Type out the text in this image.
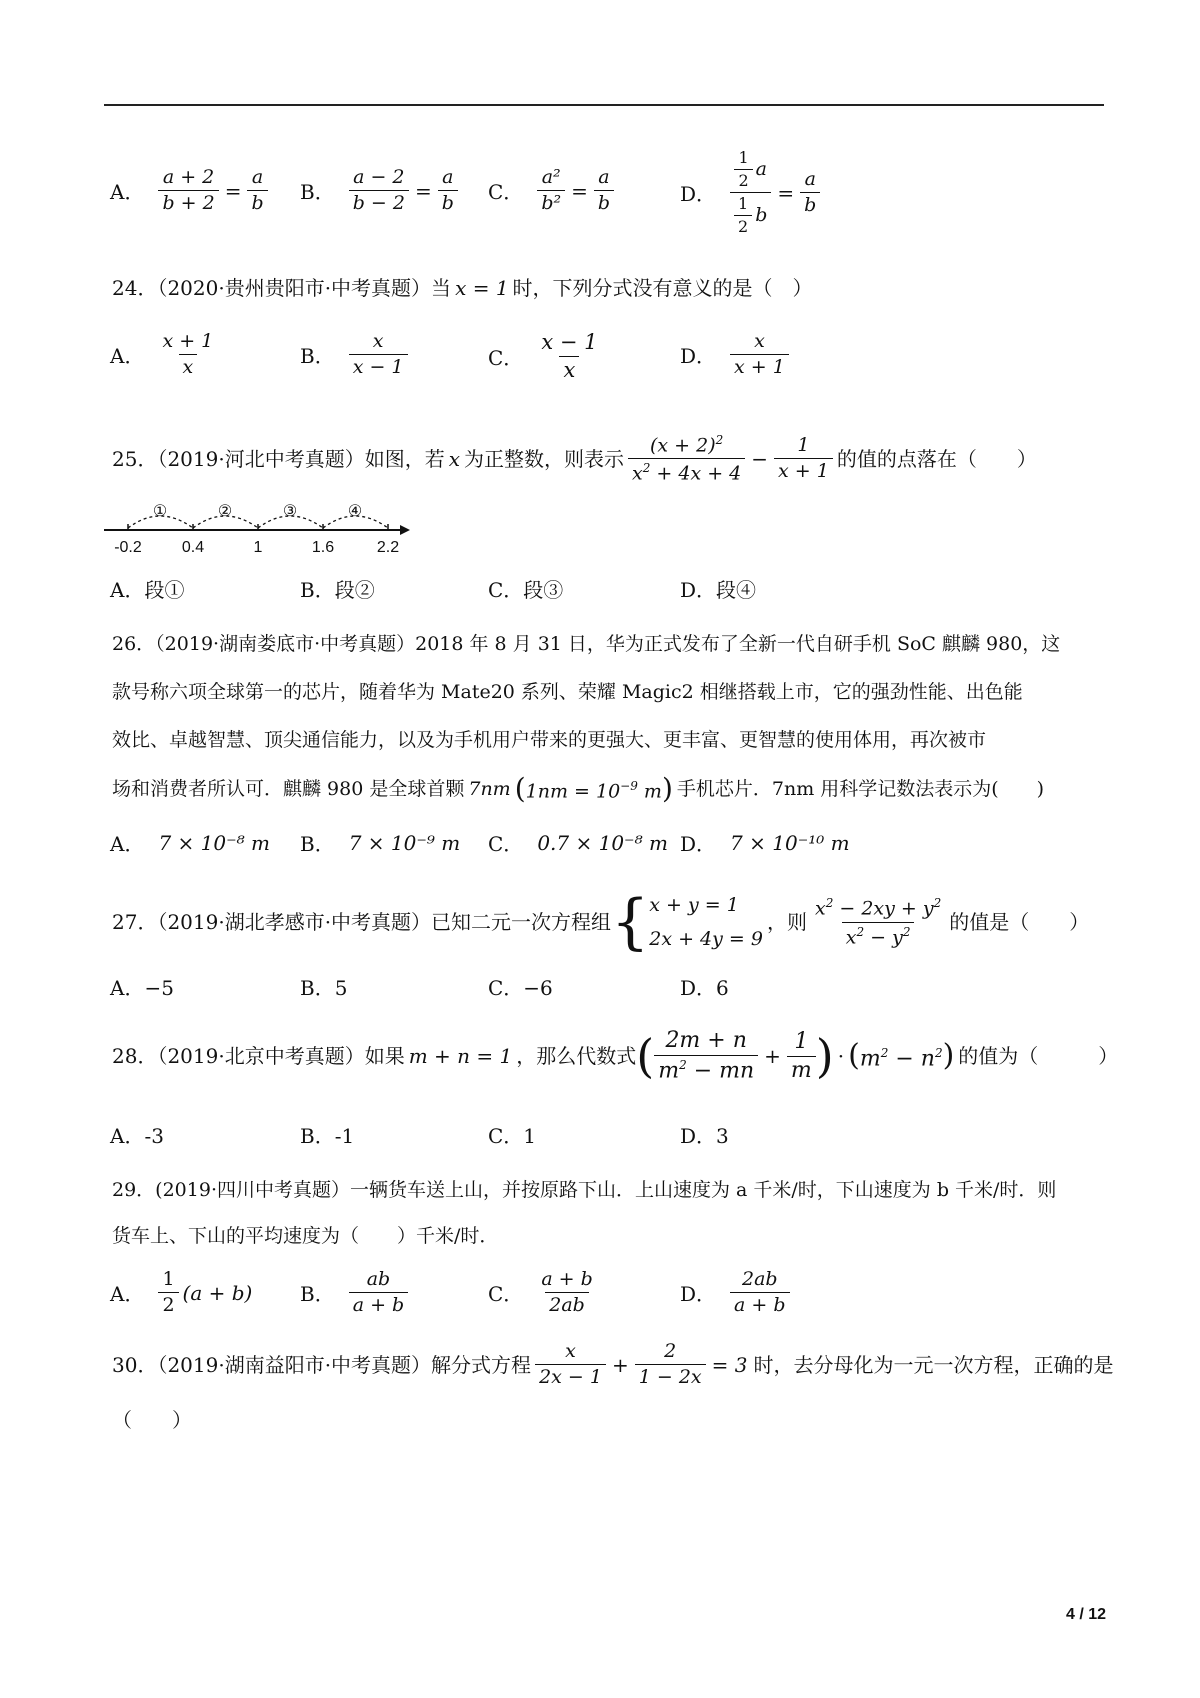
A． $\frac{a + 2}{b + 2} = \frac{a}{b}$ B． $\frac{a - 2}{b - 2} = \frac{a}{b}$ C． $\frac{\text{a²}}{\text{b²}} = \frac{a}{b}$	D． $\frac{\frac{1}{2} a}{\frac{1}{2} b} = \frac{a}{b}$
24．（2020·贵州贵阳市·中考真题）当 x = 1 时，下列分式没有意义的是（　）
A． $\frac{x + 1}{x}$	B． $\frac{x}{x - 1}$	C． $\frac{x - 1}{x}$	D． $\frac{x}{x + 1}$
25．（2019·河北中考真题）如图，若 x 为正整数，则表示 $\frac{(x + 2)^2}{x^2 + 4x + 4} - \frac{1}{x + 1}$ 的值的点落在（　　）
①	②	③	④
-0.2	0.4	1	1.6	2.2
A．段①	B．段②	C．段③	D．段④
26．（2019·湖南娄底市·中考真题）2018 年 8 月 31 日，华为正式发布了全新一代自研手机 SoC 麒麟 980，这
款号称六项全球第一的芯片，随着华为 Mate20 系列、荣耀 Magic2 相继搭载上市，它的强劲性能、出色能
效比、卓越智慧、顶尖通信能力，以及为手机用户带来的更强大、更丰富、更智慧的使用体用，再次被市
场和消费者所认可．麒麟 980 是全球首颗 7nm ( $1nm = 10^{-9}$ m ) 手机芯片．7nm 用科学记数法表示为(　　)
A． 7 × 10⁻⁸ m B． 7 × 10⁻⁹ m C． 0.7 × 10⁻⁸ m D． 7 × 10⁻¹⁰ m
27．（2019·湖北孝感市·中考真题）已知二元一次方程组 { x + y = 1
2x + 4y = 9
，则 $\frac{x^2 - 2xy + y^2}{x^2 - y^2}$ 的值是（　　）
A．−5	B．5	C．−6	D．6
28．（2019·北京中考真题）如果 m + n = 1 ，那么代数式 ( $\frac{2m + n}{m^2 - mn} + \frac{1}{m}$ ) · ( $m^2 - n^2$ ) 的值为（　　　）
A．-3	B．-1	C．1	D．3
29．(2019·四川中考真题）一辆货车送上山，并按原路下山．上山速度为 a 千米/时，下山速度为 b 千米/时．则
货车上、下山的平均速度为（　　）千米/时．
A． $\frac{1}{2} (a + b)$ B． $\frac{ab}{a + b}$	C． $\frac{a + b}{2ab}$	D． $\frac{2ab}{a + b}$
30．（2019·湖南益阳市·中考真题）解分式方程 $\frac{x}{2x - 1} + \frac{2}{1 - 2x} = 3$ 时，去分母化为一元一次方程，正确的是
（　　）
4 / 12
